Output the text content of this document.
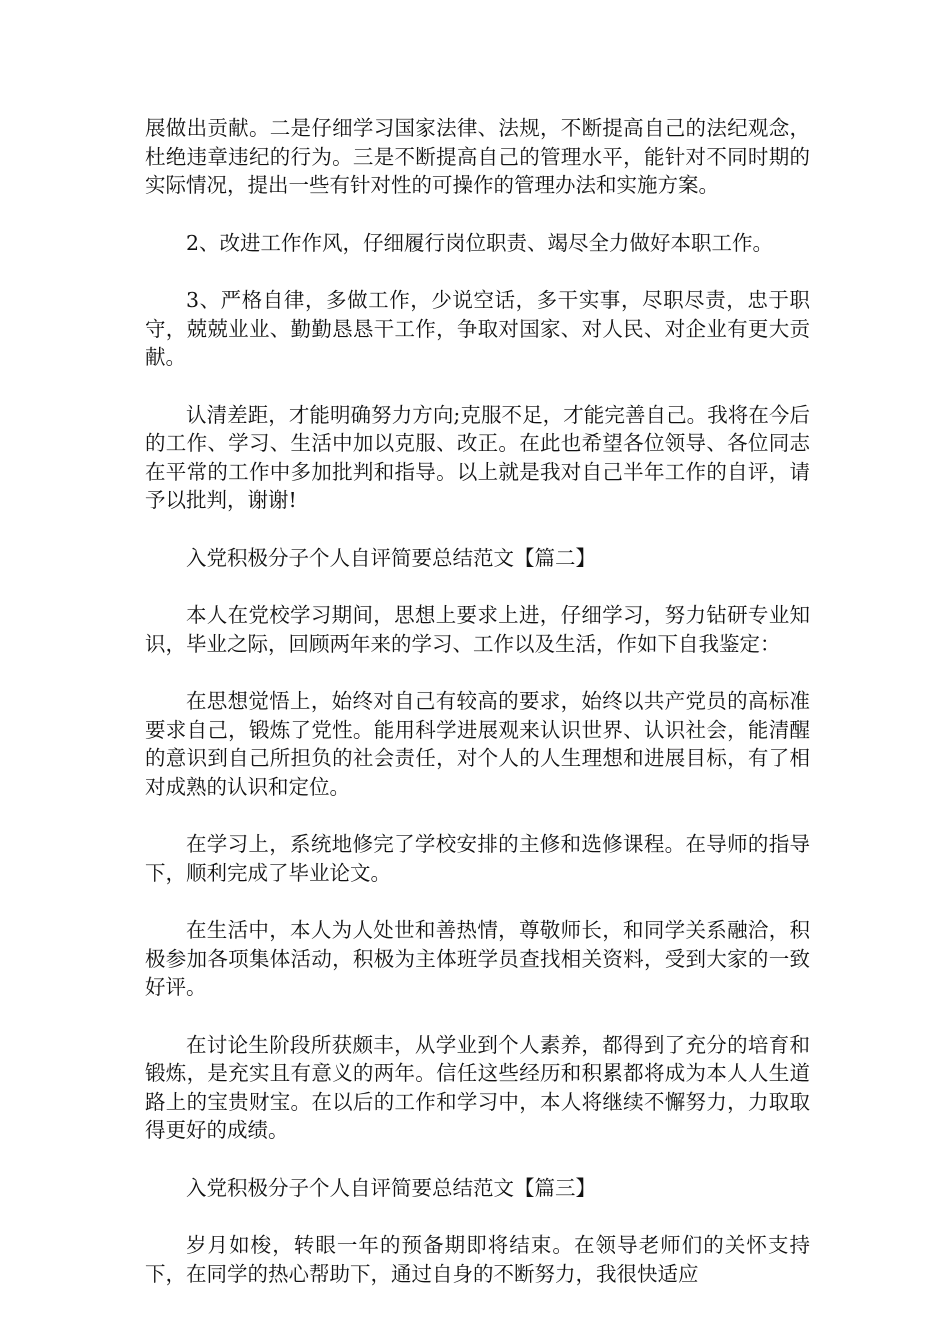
展做出贡献。二是仔细学习国家法律、法规，不断提高自己的法纪观念，杜绝违章违纪的行为。三是不断提高自己的管理水平，能针对不同时期的实际情况，提出一些有针对性的可操作的管理办法和实施方案。

2、改进工作作风，仔细履行岗位职责、竭尽全力做好本职工作。

3、严格自律，多做工作，少说空话，多干实事，尽职尽责，忠于职守，兢兢业业、勤勤恳恳干工作，争取对国家、对人民、对企业有更大贡献。

认清差距，才能明确努力方向;克服不足，才能完善自己。我将在今后的工作、学习、生活中加以克服、改正。在此也希望各位领导、各位同志在平常的工作中多加批判和指导。以上就是我对自己半年工作的自评，请予以批判，谢谢!

入党积极分子个人自评简要总结范文【篇二】

本人在党校学习期间，思想上要求上进，仔细学习，努力钻研专业知识，毕业之际，回顾两年来的学习、工作以及生活，作如下自我鉴定：

在思想觉悟上，始终对自己有较高的要求，始终以共产党员的高标准要求自己，锻炼了党性。能用科学进展观来认识世界、认识社会，能清醒的意识到自己所担负的社会责任，对个人的人生理想和进展目标，有了相对成熟的认识和定位。

在学习上，系统地修完了学校安排的主修和选修课程。在导师的指导下，顺利完成了毕业论文。

在生活中，本人为人处世和善热情，尊敬师长，和同学关系融洽，积极参加各项集体活动，积极为主体班学员查找相关资料，受到大家的一致好评。

在讨论生阶段所获颇丰，从学业到个人素养，都得到了充分的培育和锻炼，是充实且有意义的两年。信任这些经历和积累都将成为本人人生道路上的宝贵财宝。在以后的工作和学习中，本人将继续不懈努力，力取取得更好的成绩。

入党积极分子个人自评简要总结范文【篇三】

岁月如梭，转眼一年的预备期即将结束。在领导老师们的关怀支持下，在同学的热心帮助下，通过自身的不断努力，我很快适应
